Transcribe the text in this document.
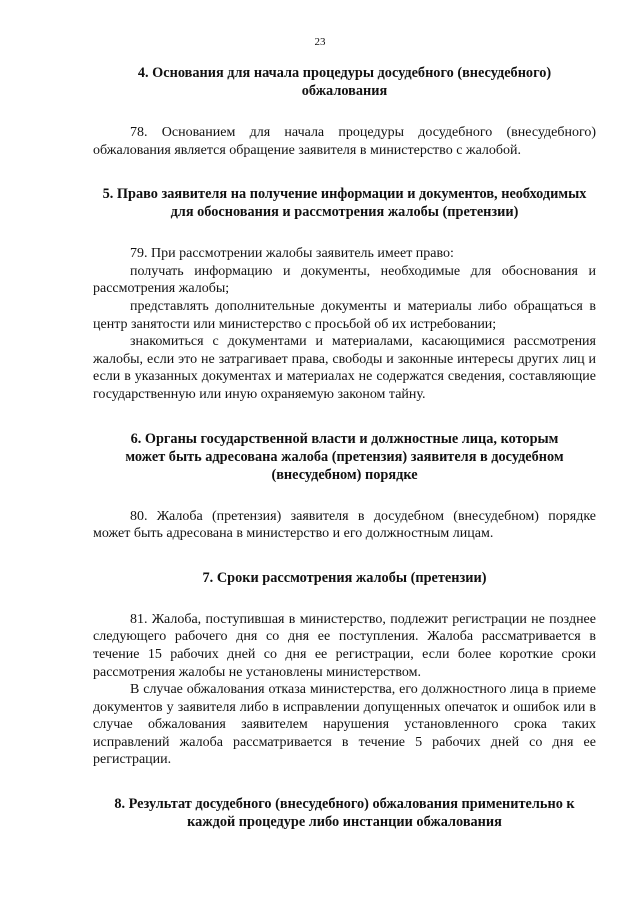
23
4. Основания для начала процедуры досудебного (внесудебного) обжалования

78. Основанием для начала процедуры досудебного (внесудебного) обжалования является обращение заявителя в министерство с жалобой.

5. Право заявителя на получение информации и документов, необходимых для обоснования и рассмотрения жалобы (претензии)

79. При рассмотрении жалобы заявитель имеет право:

получать информацию и документы, необходимые для обоснования и рассмотрения жалобы;

представлять дополнительные документы и материалы либо обращаться в центр занятости или министерство с просьбой об их истребовании;

знакомиться с документами и материалами, касающимися рассмотрения жалобы, если это не затрагивает права, свободы и законные интересы других лиц и если в указанных документах и материалах не содержатся сведения, составляющие государственную или иную охраняемую законом тайну.

6. Органы государственной власти и должностные лица, которым может быть адресована жалоба (претензия) заявителя в досудебном (внесудебном) порядке

80. Жалоба (претензия) заявителя в досудебном (внесудебном) порядке может быть адресована в министерство и его должностным лицам.

7. Сроки рассмотрения жалобы (претензии)

81. Жалоба, поступившая в министерство, подлежит регистрации не позднее следующего рабочего дня со дня ее поступления. Жалоба рассматривается в течение 15 рабочих дней со дня ее регистрации, если более короткие сроки рассмотрения жалобы не установлены министерством.

В случае обжалования отказа министерства, его должностного лица в приеме документов у заявителя либо в исправлении допущенных опечаток и ошибок или в случае обжалования заявителем нарушения установленного срока таких исправлений жалоба рассматривается в течение 5 рабочих дней со дня ее регистрации.

8. Результат досудебного (внесудебного) обжалования применительно к каждой процедуре либо инстанции обжалования
